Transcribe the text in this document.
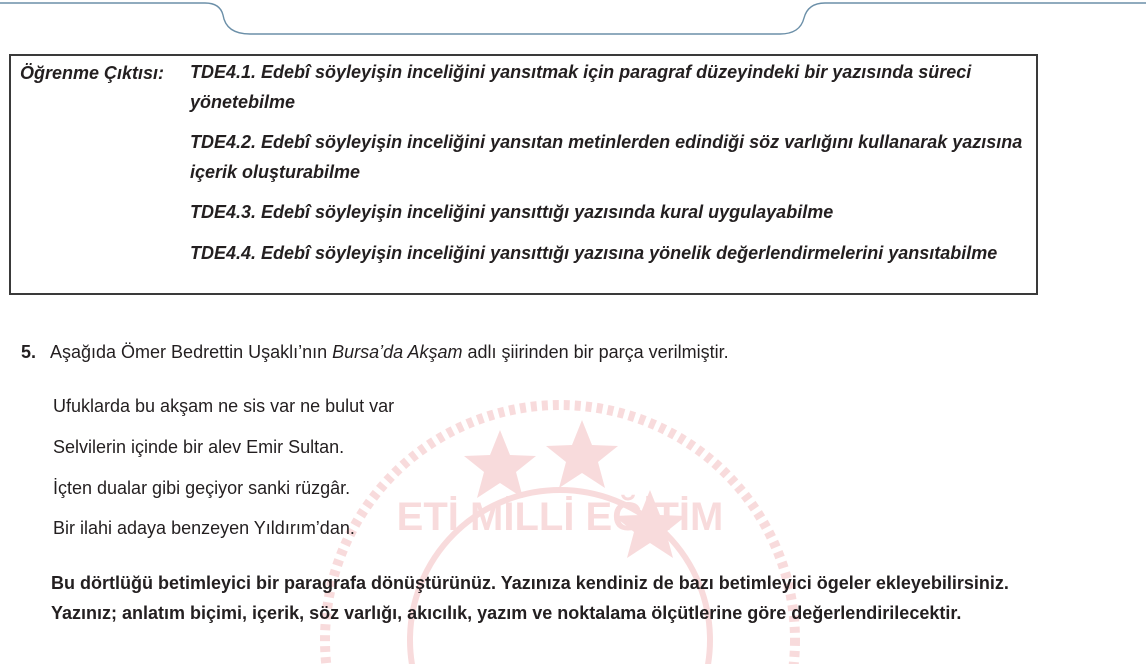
ETİ MİLLİ EĞİTİM
Öğrenme Çıktısı: TDE4.1. Edebî söyleyişin inceliğini yansıtmak için paragraf düzeyindeki bir yazısında süreci yönetebilme
TDE4.2. Edebî söyleyişin inceliğini yansıtan metinlerden edindiği söz varlığını kullanarak yazısına içerik oluşturabilme
TDE4.3. Edebî söyleyişin inceliğini yansıttığı yazısında kural uygulayabilme
TDE4.4. Edebî söyleyişin inceliğini yansıttığı yazısına yönelik değerlendirmelerini yansıtabilme
5. Aşağıda Ömer Bedrettin Uşaklı’nın Bursa’da Akşam adlı şiirinden bir parça verilmiştir.
Ufuklarda bu akşam ne sis var ne bulut var
Selvilerin içinde bir alev Emir Sultan.
İçten dualar gibi geçiyor sanki rüzgâr.
Bir ilahi adaya benzeyen Yıldırım’dan.
Bu dörtlüğü betimleyici bir paragrafa dönüştürünüz. Yazınıza kendiniz de bazı betimleyici ögeler ekleyebilirsiniz. Yazınız; anlatım biçimi, içerik, söz varlığı, akıcılık, yazım ve noktalama ölçütlerine göre değerlendirilecektir.
